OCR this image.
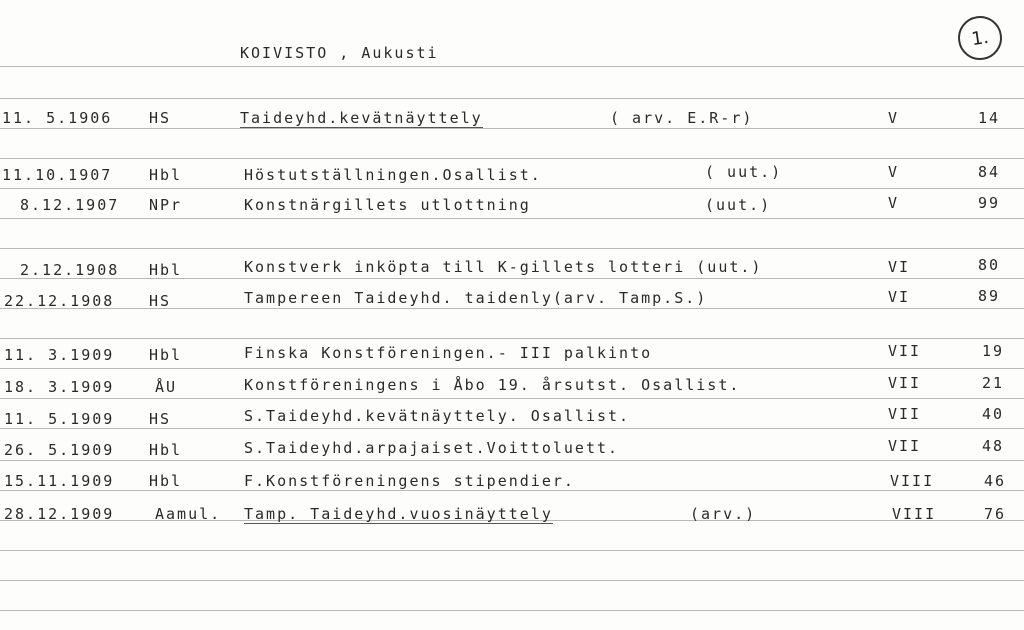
KOIVISTO , Aukusti
1.
11. 5.1906 HS	Taideyhd.kevätnäyttely	( arv. E.R-r)	V	14
11.10.1907 Hbl	Höstutställningen.Osallist.	( uut.)	V	84
8.12.1907 NPr	Konstnärgillets utlottning	(uut.)	V	99
2.12.1908 Hbl	Konstverk inköpta till K-gillets lotteri (uut.)	VI	80
22.12.1908 HS	Tampereen Taideyhd. taidenly(arv. Tamp.S.)	VI	89
11. 3.1909 Hbl	Finska Konstföreningen.- III palkinto	VII	19
18. 3.1909	ÅU	Konstföreningens i Åbo 19. årsutst. Osallist.	VII	21
11. 5.1909 HS	S.Taideyhd.kevätnäyttely. Osallist.	VII	40
26. 5.1909 Hbl	S.Taideyhd.arpajaiset.Voittoluett.	VII	48
15.11.1909 Hbl	F.Konstföreningens stipendier.	VIII	46
28.12.1909	Aamul. Tamp. Taideyhd.vuosinäyttely	(arv.)	VIII	76
